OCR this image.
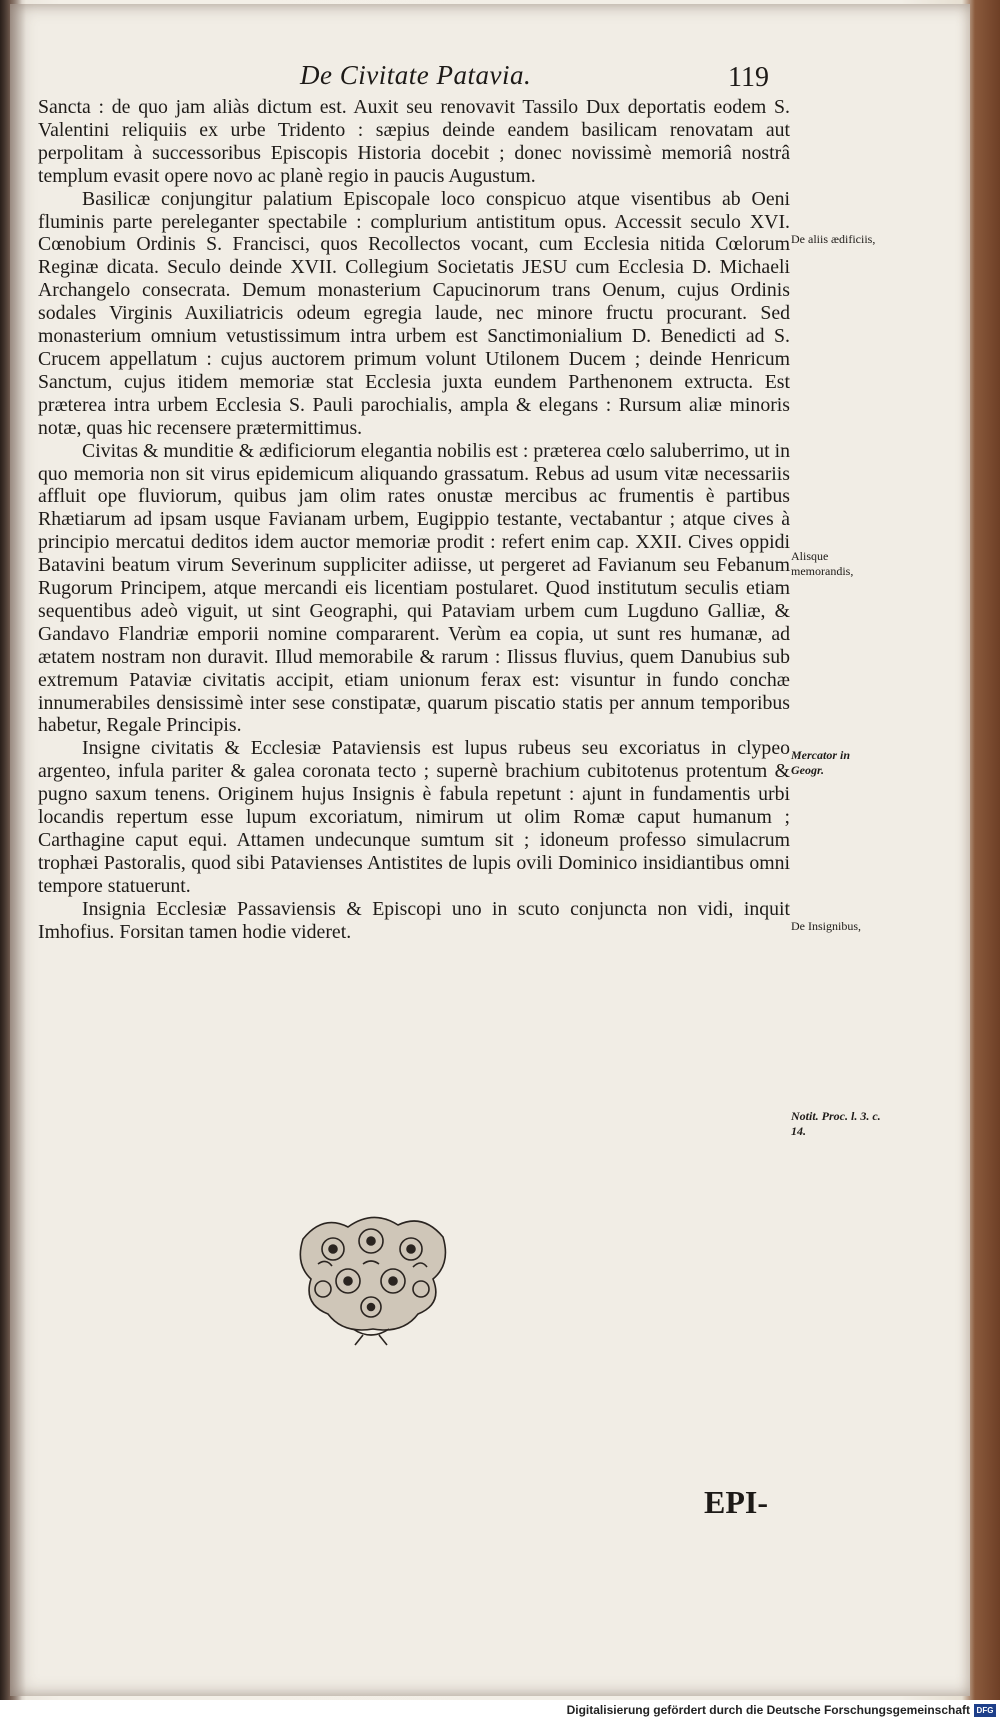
De Civitate Patavia.	119

Sancta : de quo jam aliàs dictum est. Auxit seu renovavit Tassilo Dux deportatis eodem S. Valentini reliquiis ex urbe Tridento : sæpius deinde eandem basilicam renovatam aut perpolitam à successoribus Episcopis Historia docebit ; donec novissimè memoriâ nostrâ templum evasit opere novo ac planè regio in paucis Augustum.

Basilicæ conjungitur palatium Episcopale loco conspicuo atque visentibus ab Oeni fluminis parte pereleganter spectabile : complurium antistitum opus. Accessit seculo XVI. Cœnobium Ordinis S. Francisci, quos Recollectos vocant, cum Ecclesia nitida Cœlorum Reginæ dicata. Seculo deinde XVII. Collegium Societatis JESU cum Ecclesia D. Michaeli Archangelo consecrata. Demum monasterium Capucinorum trans Oenum, cujus Ordinis sodales Virginis Auxiliatricis odeum egregia laude, nec minore fructu procurant. Sed monasterium omnium vetustissimum intra urbem est Sanctimonialium D. Benedicti ad S. Crucem appellatum : cujus auctorem primum volunt Utilonem Ducem ; deinde Henricum Sanctum, cujus itidem memoriæ stat Ecclesia juxta eundem Parthenonem extructa. Est præterea intra urbem Ecclesia S. Pauli parochialis, ampla & elegans : Rursum aliæ minoris notæ, quas hic recensere prætermittimus.

Civitas & munditie & ædificiorum elegantia nobilis est : præterea cœlo saluberrimo, ut in quo memoria non sit virus epidemicum aliquando grassatum. Rebus ad usum vitæ necessariis affluit ope fluviorum, quibus jam olim rates onustæ mercibus ac frumentis è partibus Rhætiarum ad ipsam usque Favianam urbem, Eugippio testante, vectabantur ; atque cives à principio mercatui deditos idem auctor memoriæ prodit : refert enim cap. XXII. Cives oppidi Batavini beatum virum Severinum suppliciter adiisse, ut pergeret ad Favianum seu Febanum Rugorum Principem, atque mercandi eis licentiam postularet. Quod institutum seculis etiam sequentibus adeò viguit, ut sint Geographi, qui Pataviam urbem cum Lugduno Galliæ, & Gandavo Flandriæ emporii nomine compararent. Verùm ea copia, ut sunt res humanæ, ad ætatem nostram non duravit. Illud memorabile & rarum : Ilissus fluvius, quem Danubius sub extremum Pataviæ civitatis accipit, etiam unionum ferax est: visuntur in fundo conchæ innumerabiles densissimè inter sese constipatæ, quarum piscatio statis per annum temporibus habetur, Regale Principis.

Insigne civitatis & Ecclesiæ Pataviensis est lupus rubeus seu excoriatus in clypeo argenteo, infula pariter & galea coronata tecto ; supernè brachium cubitotenus protentum & pugno saxum tenens. Originem hujus Insignis è fabula repetunt : ajunt in fundamentis urbi locandis repertum esse lupum excoriatum, nimirum ut olim Romæ caput humanum ; Carthagine caput equi. Attamen undecunque sumtum sit ; idoneum professo simulacrum trophæi Pastoralis, quod sibi Patavienses Antistites de lupis ovili Dominico insidiantibus omni tempore statuerunt.

Insignia Ecclesiæ Passaviensis & Episcopi uno in scuto conjuncta non vidi, inquit Imhofius. Forsitan tamen hodie videret.

De aliis ædificiis,
Alisque memorandis,
Mercator in Geogr.
De Insignibus,
Notit. Proc. l. 3. c. 14.
EPI-
Digitalisierung gefördert durch die Deutsche Forschungsgemeinschaft DFG
